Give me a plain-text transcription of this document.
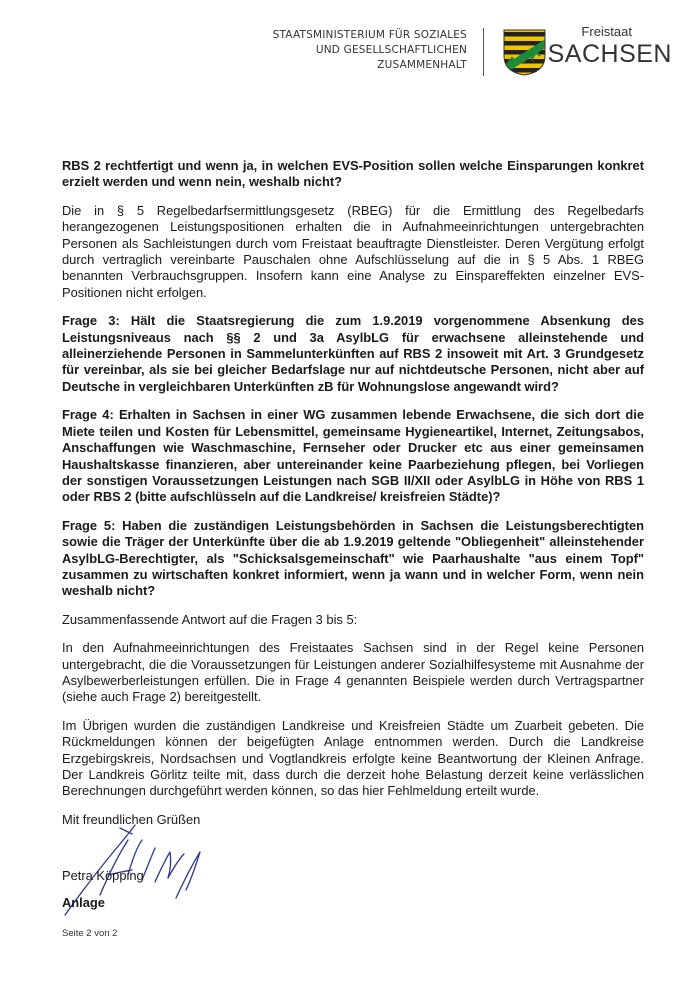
STAATSMINISTERIUM FÜR SOZIALES
UND GESELLSCHAFTLICHEN
ZUSAMMENHALT
Freistaat
SACHSEN

RBS 2 rechtfertigt und wenn ja, in welchen EVS-Position sollen welche Einsparungen konkret erzielt werden und wenn nein, weshalb nicht?

Die in § 5 Regelbedarfsermittlungsgesetz (RBEG) für die Ermittlung des Regelbedarfs herangezogenen Leistungspositionen erhalten die in Aufnahmeeinrichtungen untergebrachten Personen als Sachleistungen durch vom Freistaat beauftragte Dienstleister. Deren Vergütung erfolgt durch vertraglich vereinbarte Pauschalen ohne Aufschlüsselung auf die in § 5 Abs. 1 RBEG benannten Verbrauchsgruppen. Insofern kann eine Analyse zu Einspareffekten einzelner EVS-Positionen nicht erfolgen.

Frage 3: Hält die Staatsregierung die zum 1.9.2019 vorgenommene Absenkung des Leistungsniveaus nach §§ 2 und 3a AsylbLG für erwachsene alleinstehende und alleinerziehende Personen in Sammelunterkünften auf RBS 2 insoweit mit Art. 3 Grundgesetz für vereinbar, als sie bei gleicher Bedarfslage nur auf nichtdeutsche Personen, nicht aber auf Deutsche in vergleichbaren Unterkünften zB für Wohnungslose angewandt wird?

Frage 4: Erhalten in Sachsen in einer WG zusammen lebende Erwachsene, die sich dort die Miete teilen und Kosten für Lebensmittel, gemeinsame Hygieneartikel, Internet, Zeitungsabos, Anschaffungen wie Waschmaschine, Fernseher oder Drucker etc aus einer gemeinsamen Haushaltskasse finanzieren, aber untereinander keine Paarbeziehung pflegen, bei Vorliegen der sonstigen Voraussetzungen Leistungen nach SGB II/XII oder AsylbLG in Höhe von RBS 1 oder RBS 2 (bitte aufschlüsseln auf die Landkreise/ kreisfreien Städte)?

Frage 5: Haben die zuständigen Leistungsbehörden in Sachsen die Leistungsberechtigten sowie die Träger der Unterkünfte über die ab 1.9.2019 geltende "Obliegenheit" alleinstehender AsylbLG-Berechtigter, als "Schicksalsgemeinschaft" wie Paarhaushalte "aus einem Topf" zusammen zu wirtschaften konkret informiert, wenn ja wann und in welcher Form, wenn nein weshalb nicht?

Zusammenfassende Antwort auf die Fragen 3 bis 5:

In den Aufnahmeeinrichtungen des Freistaates Sachsen sind in der Regel keine Personen untergebracht, die die Voraussetzungen für Leistungen anderer Sozialhilfesysteme mit Ausnahme der Asylbewerberleistungen erfüllen. Die in Frage 4 genannten Beispiele werden durch Vertragspartner (siehe auch Frage 2) bereitgestellt.

Im Übrigen wurden die zuständigen Landkreise und Kreisfreien Städte um Zuarbeit gebeten. Die Rückmeldungen können der beigefügten Anlage entnommen werden. Durch die Landkreise Erzgebirgskreis, Nordsachsen und Vogtlandkreis erfolgte keine Beantwortung der Kleinen Anfrage. Der Landkreis Görlitz teilte mit, dass durch die derzeit hohe Belastung derzeit keine verlässlichen Berechnungen durchgeführt werden können, so das hier Fehlmeldung erteilt wurde.

Mit freundlichen Grüßen

Petra Köpping
Anlage
Seite 2 von 2
